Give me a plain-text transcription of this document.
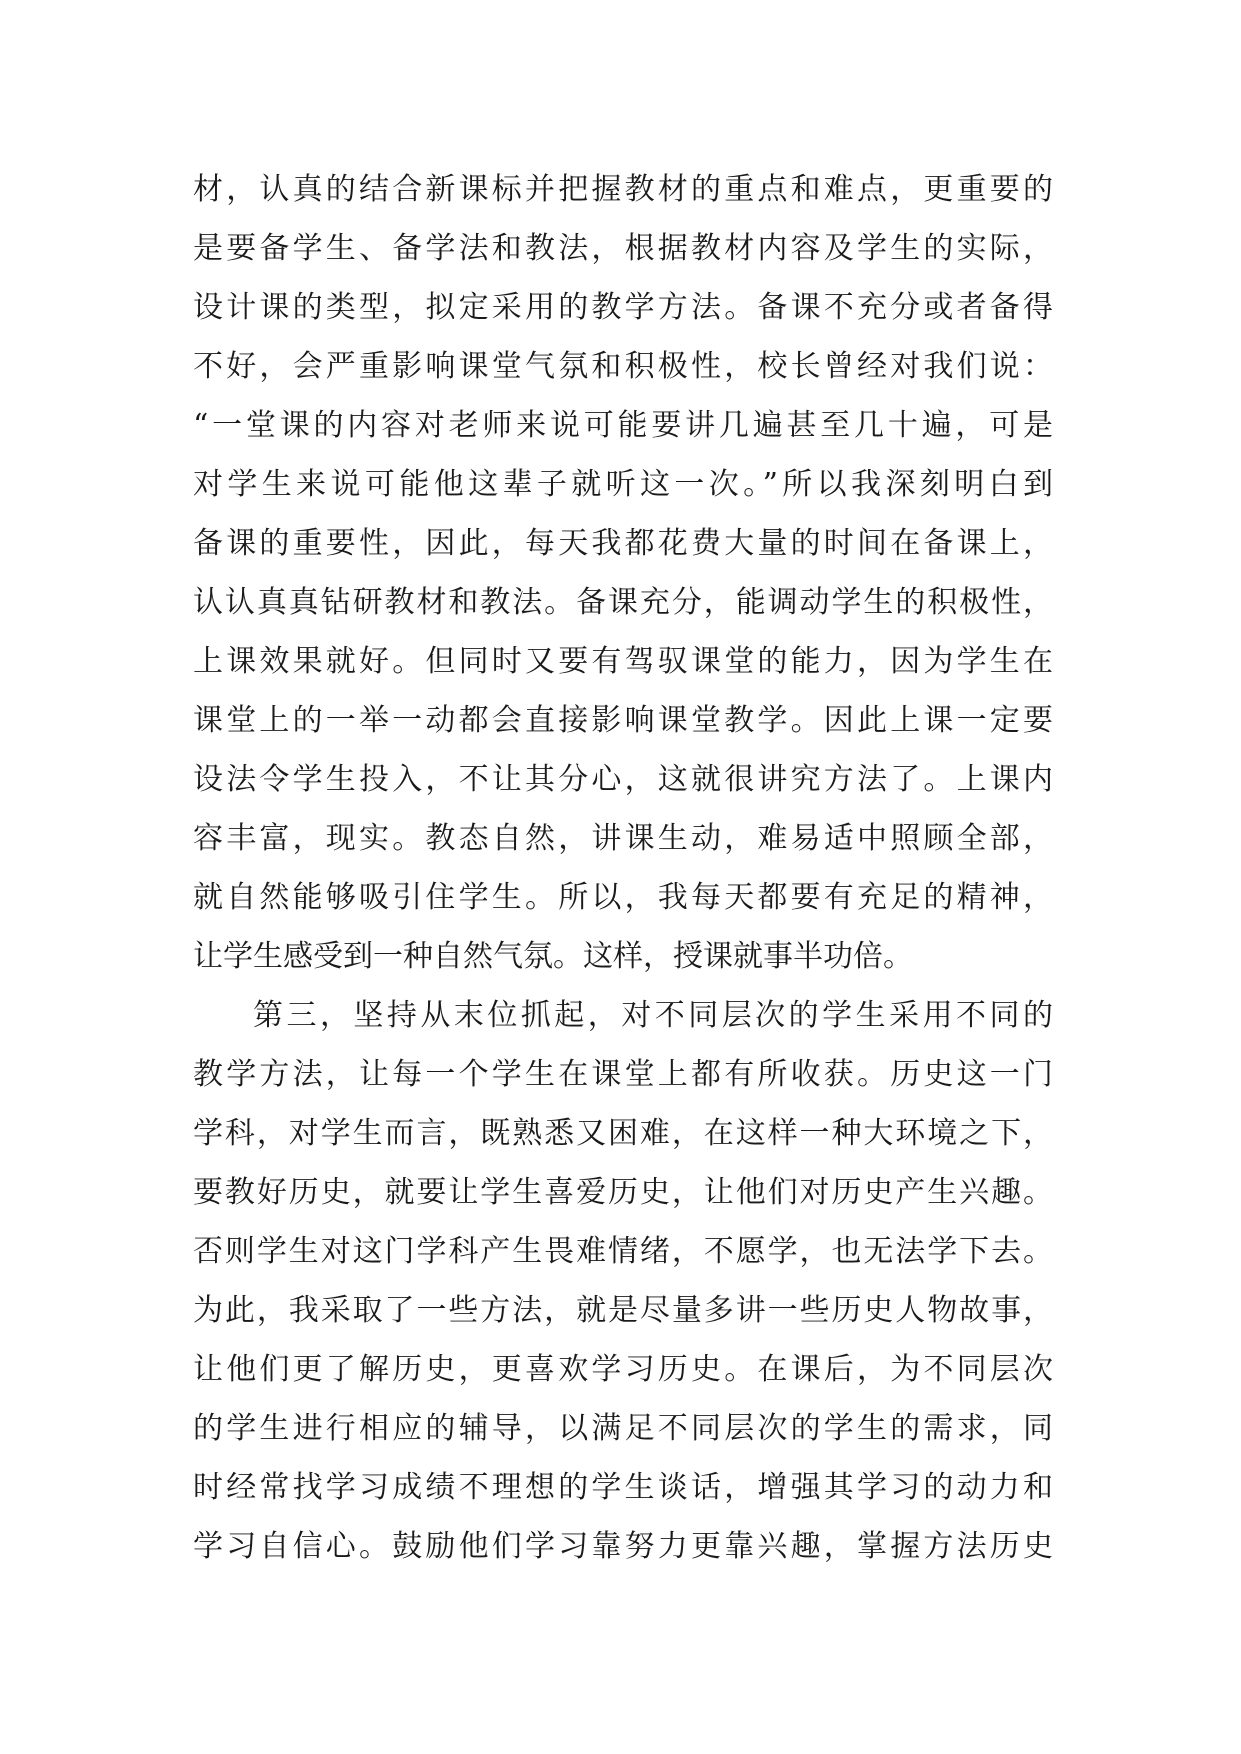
材，认真的结合新课标并把握教材的重点和难点，更重要的
是要备学生、备学法和教法，根据教材内容及学生的实际，
设计课的类型，拟定采用的教学方法。备课不充分或者备得
不好，会严重影响课堂气氛和积极性，校长曾经对我们说：
“一堂课的内容对老师来说可能要讲几遍甚至几十遍，可是
对学生来说可能他这辈子就听这一次。”所以我深刻明白到
备课的重要性，因此，每天我都花费大量的时间在备课上，
认认真真钻研教材和教法。备课充分，能调动学生的积极性，
上课效果就好。但同时又要有驾驭课堂的能力，因为学生在
课堂上的一举一动都会直接影响课堂教学。因此上课一定要
设法令学生投入，不让其分心，这就很讲究方法了。上课内
容丰富，现实。教态自然，讲课生动，难易适中照顾全部，
就自然能够吸引住学生。所以，我每天都要有充足的精神，
让学生感受到一种自然气氛。这样，授课就事半功倍。
第三，坚持从末位抓起，对不同层次的学生采用不同的
教学方法，让每一个学生在课堂上都有所收获。历史这一门
学科，对学生而言，既熟悉又困难，在这样一种大环境之下，
要教好历史，就要让学生喜爱历史，让他们对历史产生兴趣。
否则学生对这门学科产生畏难情绪，不愿学，也无法学下去。
为此，我采取了一些方法，就是尽量多讲一些历史人物故事，
让他们更了解历史，更喜欢学习历史。在课后，为不同层次
的学生进行相应的辅导，以满足不同层次的学生的需求，同
时经常找学习成绩不理想的学生谈话，增强其学习的动力和
学习自信心。鼓励他们学习靠努力更靠兴趣，掌握方法历史
